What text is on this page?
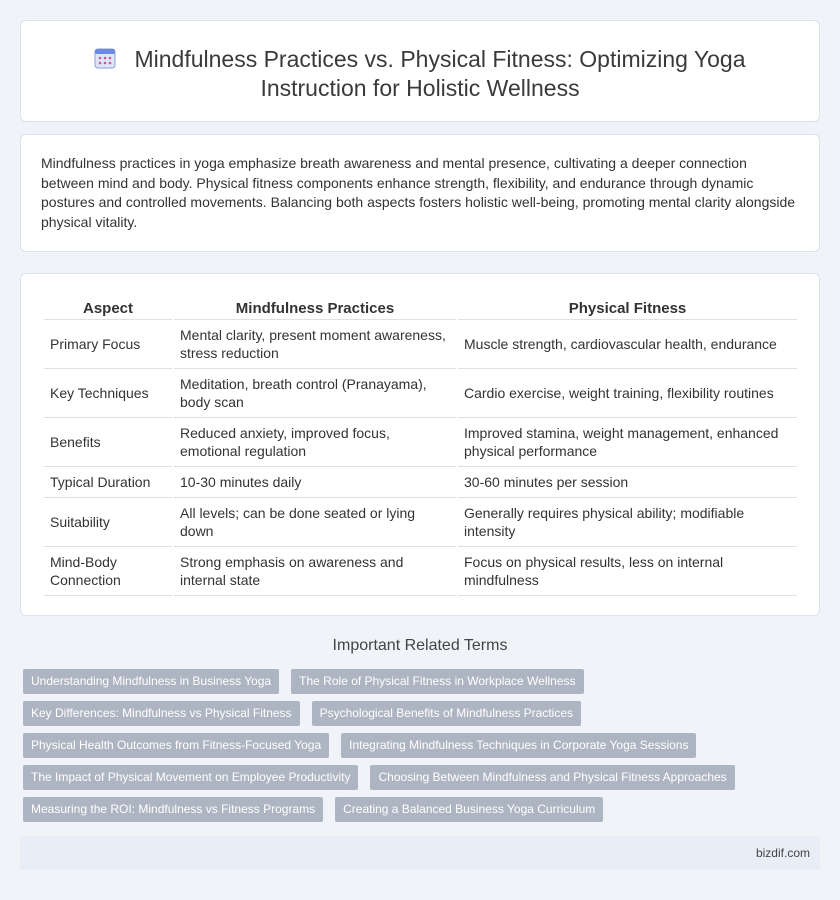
Mindfulness Practices vs. Physical Fitness: Optimizing Yoga Instruction for Holistic Wellness

Mindfulness practices in yoga emphasize breath awareness and mental presence, cultivating a deeper connection between mind and body. Physical fitness components enhance strength, flexibility, and endurance through dynamic postures and controlled movements. Balancing both aspects fosters holistic well-being, promoting mental clarity alongside physical vitality.

Aspect	Mindfulness Practices	Physical Fitness
Primary Focus	Mental clarity, present moment awareness, stress reduction	Muscle strength, cardiovascular health, endurance
Key Techniques	Meditation, breath control (Pranayama), body scan	Cardio exercise, weight training, flexibility routines
Benefits	Reduced anxiety, improved focus, emotional regulation	Improved stamina, weight management, enhanced physical performance
Typical Duration	10-30 minutes daily	30-60 minutes per session
Suitability	All levels; can be done seated or lying down	Generally requires physical ability; modifiable intensity
Mind-Body Connection	Strong emphasis on awareness and internal state	Focus on physical results, less on internal mindfulness
Important Related Terms
Understanding Mindfulness in Business Yoga The Role of Physical Fitness in Workplace Wellness
Key Differences: Mindfulness vs Physical Fitness Psychological Benefits of Mindfulness Practices
Physical Health Outcomes from Fitness-Focused Yoga Integrating Mindfulness Techniques in Corporate Yoga Sessions
The Impact of Physical Movement on Employee Productivity Choosing Between Mindfulness and Physical Fitness Approaches
Measuring the ROI: Mindfulness vs Fitness Programs Creating a Balanced Business Yoga Curriculum
bizdif.com
